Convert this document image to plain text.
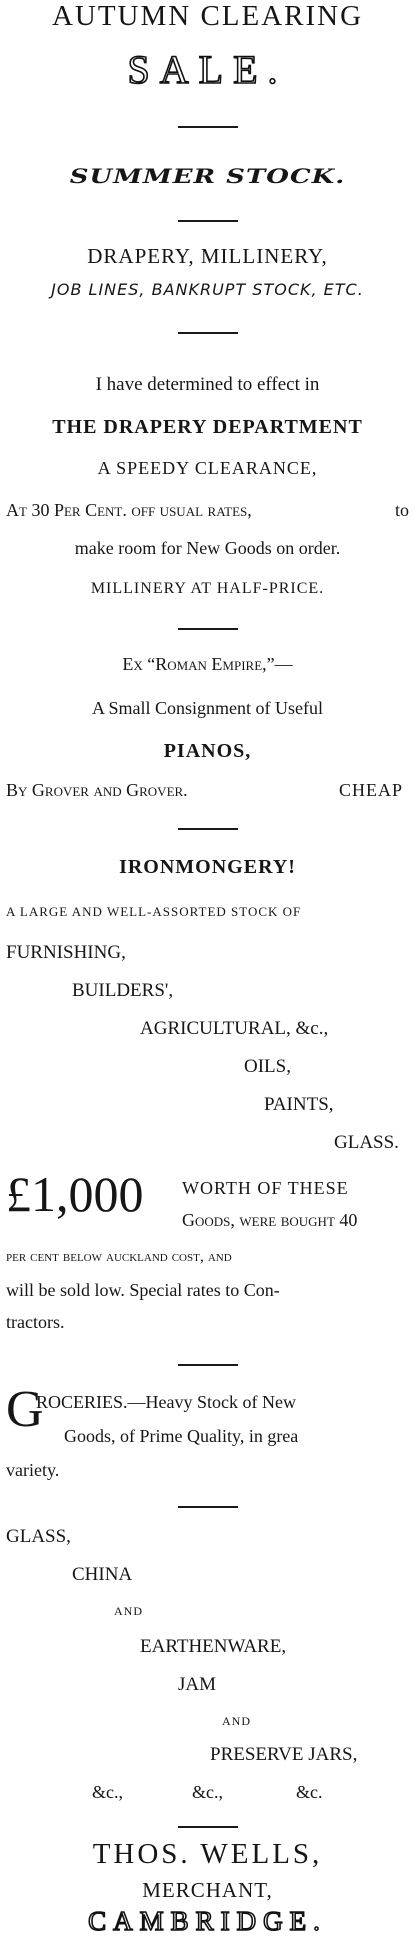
AUTUMN CLEARING
SALE.
SUMMER STOCK.
DRAPERY, MILLINERY,
JOB LINES, BANKRUPT STOCK, ETC.
I have determined to effect in
THE DRAPERY DEPARTMENT
A SPEEDY CLEARANCE,
At 30 Per Cent. off usual rates,	to
make room for New Goods on order.
MILLINERY AT HALF-PRICE.
Ex “Roman Empire,”—
A Small Consignment of Useful
PIANOS,
By Grover and Grover.	CHEAP
IRONMONGERY!
A LARGE AND WELL-ASSORTED STOCK OF
FURNISHING,
BUILDERS',
AGRICULTURAL, &c.,
OILS,
PAINTS,
GLASS.
£1,000 WORTH OF THESE
Goods, were bought 40
per cent below auckland cost, and
will be sold low. Special rates to Con-
tractors.
G
ROCERIES.—Heavy Stock of New
Goods, of Prime Quality, in grea
variety.
GLASS,
CHINA
AND
EARTHENWARE,
JAM
AND
PRESERVE JARS,
&c.,	&c.,	&c.
THOS. WELLS,
MERCHANT,
CAMBRIDGE.
